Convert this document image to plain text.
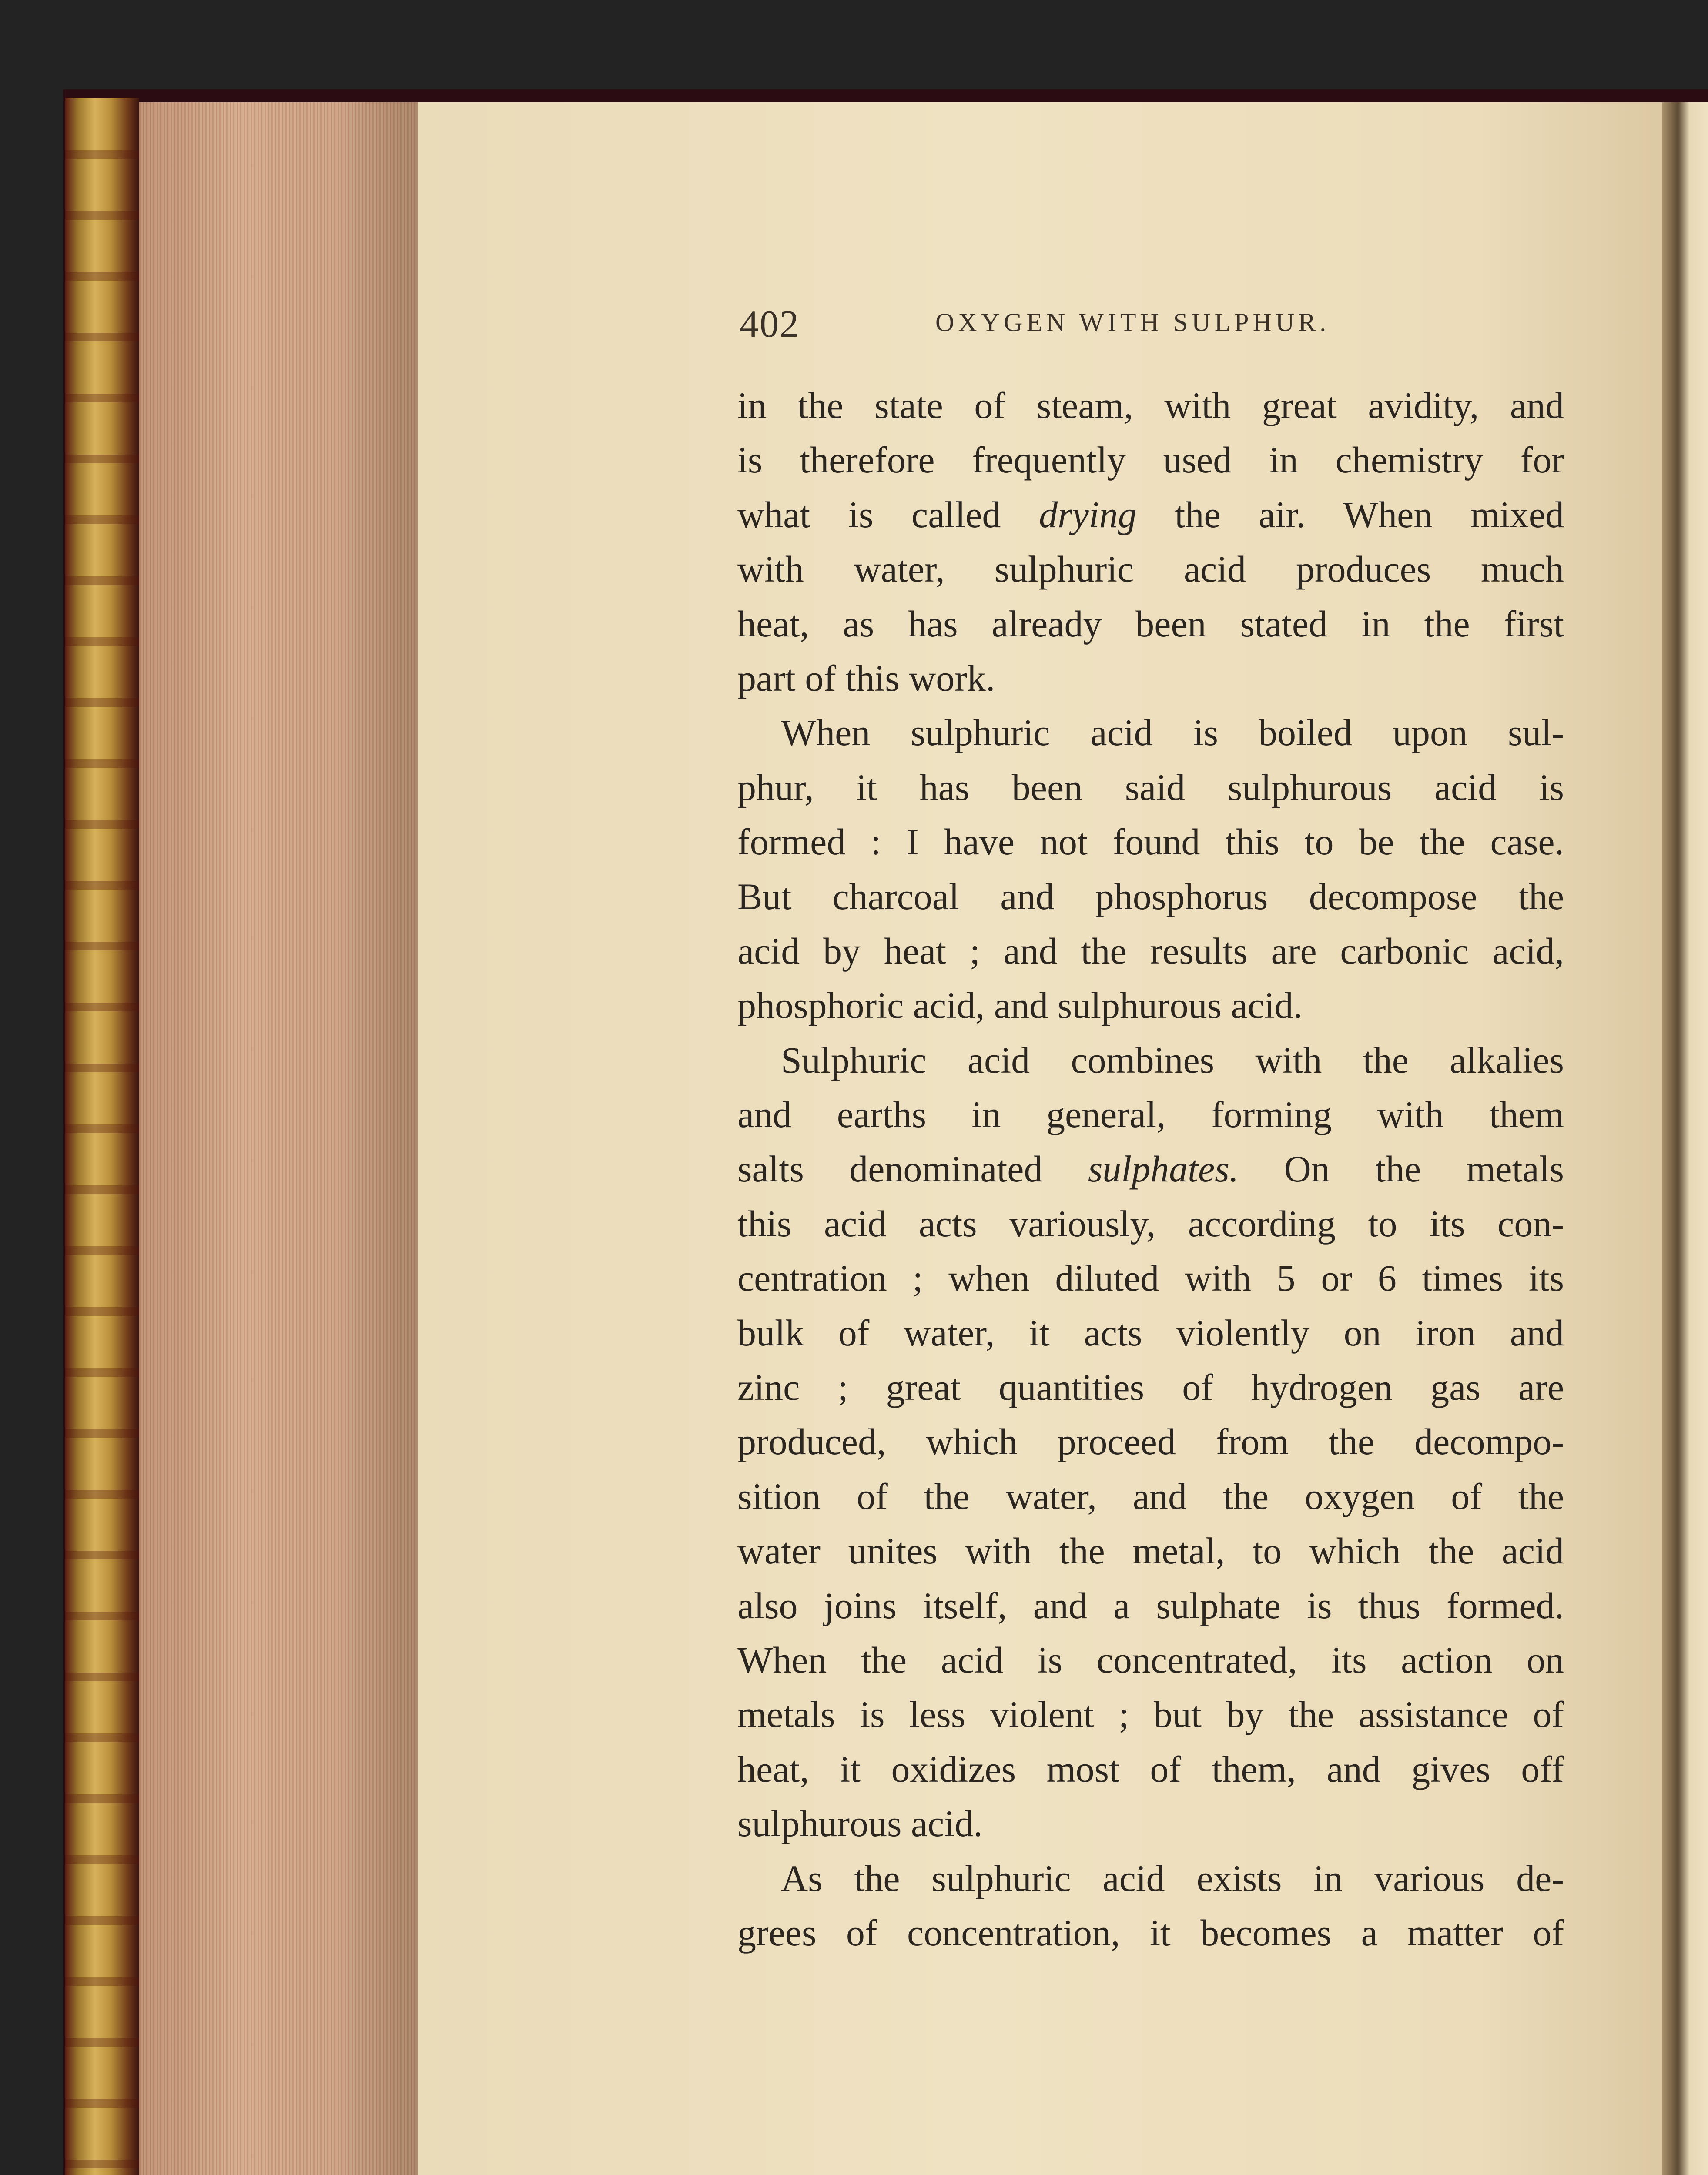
402	OXYGEN WITH SULPHUR.
in the state of steam, with great avidity, and
is therefore frequently used in chemistry for
what is called drying the air. When mixed
with water, sulphuric acid produces much
heat, as has already been stated in the first
part of this work.
When sulphuric acid is boiled upon sul-
phur, it has been said sulphurous acid is
formed : I have not found this to be the case.
But charcoal and phosphorus decompose the
acid by heat ; and the results are carbonic acid,
phosphoric acid, and sulphurous acid.
Sulphuric acid combines with the alkalies
and earths in general, forming with them
salts denominated sulphates. On the metals
this acid acts variously, according to its con-
centration ; when diluted with 5 or 6 times its
bulk of water, it acts violently on iron and
zinc ; great quantities of hydrogen gas are
produced, which proceed from the decompo-
sition of the water, and the oxygen of the
water unites with the metal, to which the acid
also joins itself, and a sulphate is thus formed.
When the acid is concentrated, its action on
metals is less violent ; but by the assistance of
heat, it oxidizes most of them, and gives off
sulphurous acid.
As the sulphuric acid exists in various de-
grees of concentration, it becomes a matter of
